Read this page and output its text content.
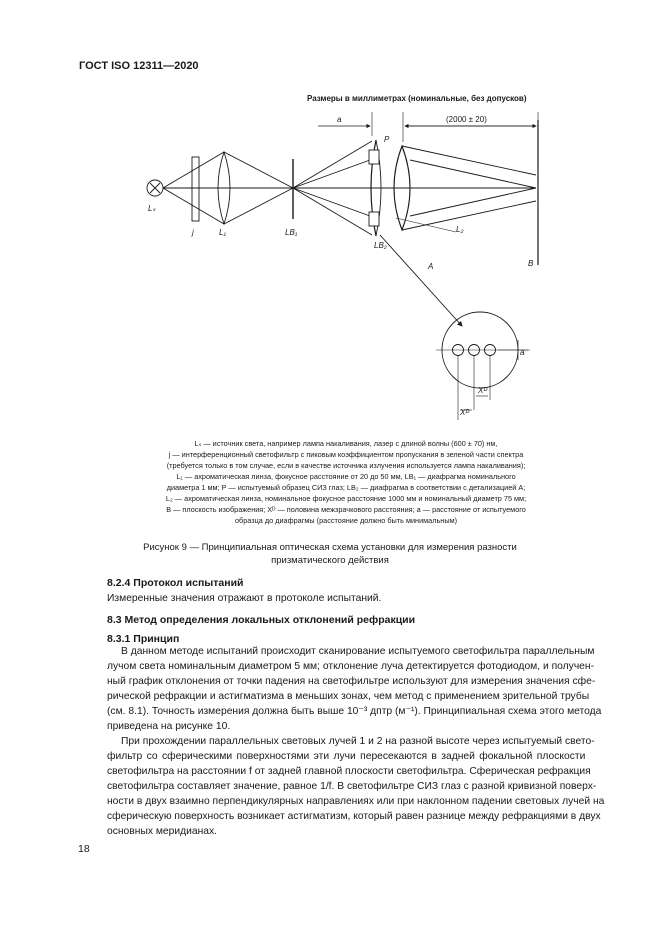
ГОСТ ISO 12311—2020
Размеры в миллиметрах (номинальные, без допусков)
a	(2000 ± 20)
Lₛ
j	L₁	LB₁
P
LB₂
L₂
A	B
Xᴰ
Xᴰ
a
Lₛ — источник света, например лампа накаливания, лазер с длиной волны (600 ± 70) нм,
j — интерференционный светофильтр с пиковым коэффициентом пропускания в зеленой части спектра
(требуется только в том случае, если в качестве источника излучения используется лампа накаливания);
L₁ — ахроматическая линза, фокусное расстояние от 20 до 50 мм, LB₁ — диафрагма номинального
диаметра 1 мм; P — испытуемый образец СИЗ глаз; LB₂ — диафрагма в соответствии с детализацией A;
L₂ — ахроматическая линза, номинальное фокусное расстояние 1000 мм и номинальный диаметр 75 мм;
B — плоскость изображения; Xᴰ — половина межзрачкового расстояния; a — расстояние от испытуемого
образца до диафрагмы (расстояние должно быть минимальным)
Рисунок 9 — Принципиальная оптическая схема установки для измерения разности
призматического действия
8.2.4 Протокол испытаний
Измеренные значения отражают в протоколе испытаний.
8.3 Метод определения локальных отклонений рефракции
8.3.1 Принцип
В данном методе испытаний происходит сканирование испытуемого светофильтра параллельным
лучом света номинальным диаметром 5 мм; отклонение луча детектируется фотодиодом, и получен-
ный график отклонения от точки падения на светофильтре используют для измерения значения сфе-
рической рефракции и астигматизма в меньших зонах, чем метод с применением зрительной трубы
(см. 8.1). Точность измерения должна быть выше 10⁻³ дптр (м⁻¹). Принципиальная схема этого метода
приведена на рисунке 10.
При прохождении параллельных световых лучей 1 и 2 на разной высоте через испытуемый свето-
фильтр со сферическими поверхностями эти лучи пересекаются в задней фокальной плоскости
светофильтра на расстоянии f от задней главной плоскости светофильтра. Сферическая рефракция
светофильтра составляет значение, равное 1/f. В светофильтре СИЗ глаз с разной кривизной поверх-
ности в двух взаимно перпендикулярных направлениях или при наклонном падении световых лучей на
сферическую поверхность возникает астигматизм, который равен разнице между рефракциями в двух
основных меридианах.
18
